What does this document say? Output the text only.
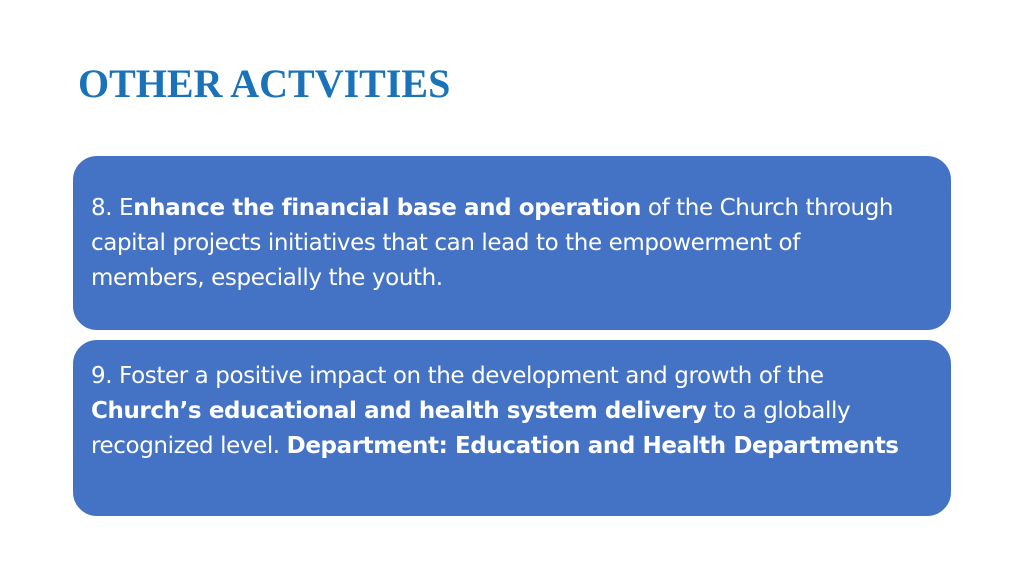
OTHER ACTVITIES

8. Enhance the financial base and operation of the Church through capital projects initiatives that can lead to the empowerment of members, especially the youth.

9. Foster a positive impact on the development and growth of the Church’s educational and health system delivery to a globally recognized level. Department: Education and Health Departments
